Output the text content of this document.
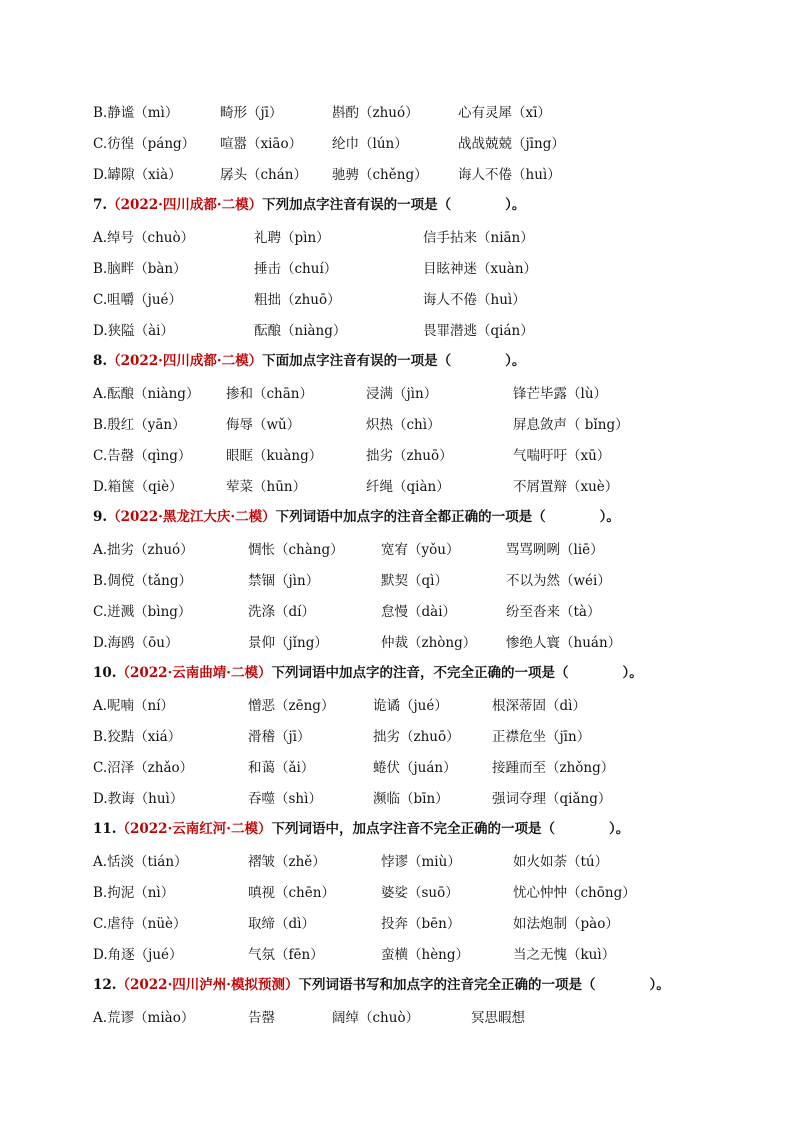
B.静谧（mì）	畸形（jī）	斟酌（zhuó）	心有灵犀（xī）
C.彷徨（páng） 喧嚣（xiāo） 纶巾（lún）	战战兢兢（jīng）
D.罅隙（xià）	孱头（chán） 驰骋（chěng） 诲人不倦（huì）
7.（2022·四川成都·二模）下列加点字注音有误的一项是（　　　　）。
A.绰号（chuò）	礼聘（pìn）	信手拈来（niān）
B.脑畔（bàn）	捶击（chuí）	目眩神迷（xuàn）
C.咀嚼（jué）	粗拙（zhuō）	诲人不倦（huì）
D.狭隘（ài）	酝酿（niàng）	畏罪潜逃（qián）
8.（2022·四川成都·二模）下面加点字注音有误的一项是（　　　　）。
A.酝酿（niàng） 掺和（chān）	浸满（jìn）	锋芒毕露（lù）
B.殷红（yān）	侮辱（wǔ）	炽热（chì）	屏息敛声（ bǐng）
C.告罄（qìng）	眼眶（kuàng）	拙劣（zhuō）	气喘吁吁（xū）
D.箱箧（qiè）	荤菜（hūn）	纤绳（qiàn）	不屑置辩（xuè）
9.（2022·黑龙江大庆·二模）下列词语中加点字的注音全都正确的一项是（　　　　）。
A.拙劣（zhuó）	惆怅（chàng）	宽宥（yǒu）	骂骂咧咧（liē）
B.倜傥（tǎng）	禁锢（jìn）	默契（qì）	不以为然（wéi）
C.迸溅（bìng）	洗涤（dí）	怠慢（dài）	纷至沓来（tà）
D.海鸥（ōu）	景仰（jǐng）	仲裁（zhòng） 惨绝人寰（huán）
10.（2022·云南曲靖·二模）下列词语中加点字的注音，不完全正确的一项是（　　　　）。
A.呢喃（ní）	憎恶（zēng）	诡谲（jué）	根深蒂固（dì）
B.狡黠（xiá）	滑稽（jī）	拙劣（zhuō） 正襟危坐（jīn）
C.沼泽（zhǎo）	和蔼（ǎi）	蜷伏（juán）	接踵而至（zhǒng）
D.教诲（huì）	吞噬（shì）	濒临（bīn）	强词夺理（qiǎng）
11.（2022·云南红河·二模）下列词语中，加点字注音不完全正确的一项是（　　　　）。
A.恬淡（tián）	褶皱（zhě）	悖谬（miù）	如火如荼（tú）
B.拘泥（nì）	嗔视（chēn）	婆娑（suō）	忧心忡忡（chōng）
C.虐待（nüè）	取缔（dì）	投奔（bēn）	如法炮制（pào）
D.角逐（jué）	气氛（fēn）	蛮横（hèng）	当之无愧（kuì）
12.（2022·四川泸州·模拟预测）下列词语书写和加点字的注音完全正确的一项是（　　　　）。
A.荒谬（miào）	告罄	阔绰（chuò）	冥思暇想
